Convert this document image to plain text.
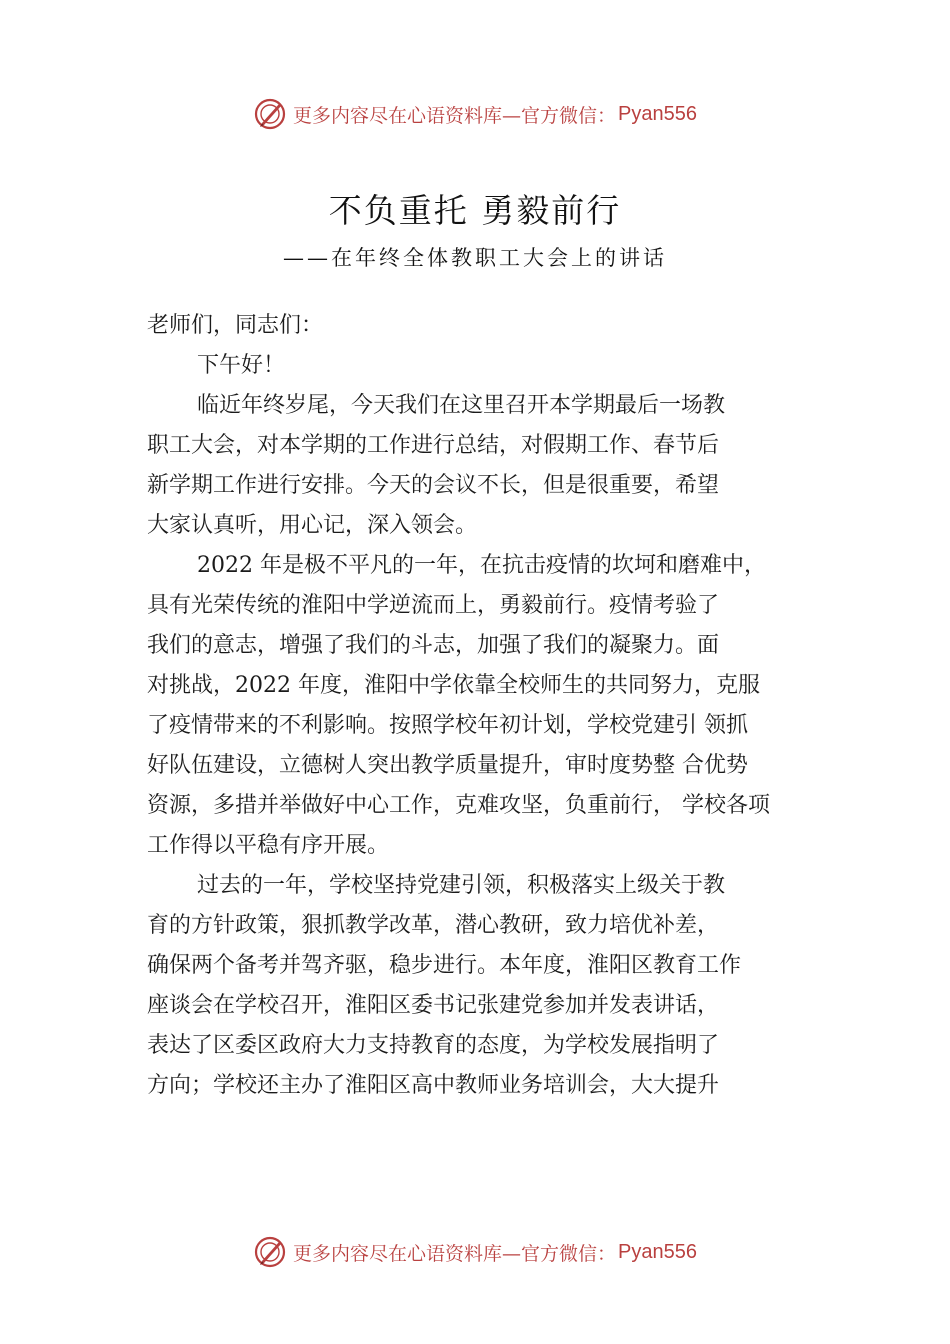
更多内容尽在心语资料库—官方微信： Pyan556
不负重托 勇毅前行
——在年终全体教职工大会上的讲话
老师们，同志们：
下午好！
临近年终岁尾，今天我们在这里召开本学期最后一场教
职工大会，对本学期的工作进行总结，对假期工作、春节后
新学期工作进行安排。今天的会议不长，但是很重要，希望
大家认真听，用心记，深入领会。
2022 年是极不平凡的一年，在抗击疫情的坎坷和磨难中，
具有光荣传统的淮阳中学逆流而上，勇毅前行。疫情考验了
我们的意志，增强了我们的斗志，加强了我们的凝聚力。面
对挑战，2022 年度，淮阳中学依靠全校师生的共同努力，克服
了疫情带来的不利影响。按照学校年初计划，学校党建引 领抓
好队伍建设，立德树人突出教学质量提升，审时度势整 合优势
资源，多措并举做好中心工作，克难攻坚，负重前行， 学校各项
工作得以平稳有序开展。
过去的一年，学校坚持党建引领，积极落实上级关于教
育的方针政策，狠抓教学改革，潜心教研，致力培优补差，
确保两个备考并驾齐驱，稳步进行。本年度，淮阳区教育工作
座谈会在学校召开，淮阳区委书记张建党参加并发表讲话，
表达了区委区政府大力支持教育的态度，为学校发展指明了
方向；学校还主办了淮阳区高中教师业务培训会，大大提升
更多内容尽在心语资料库—官方微信： Pyan556
